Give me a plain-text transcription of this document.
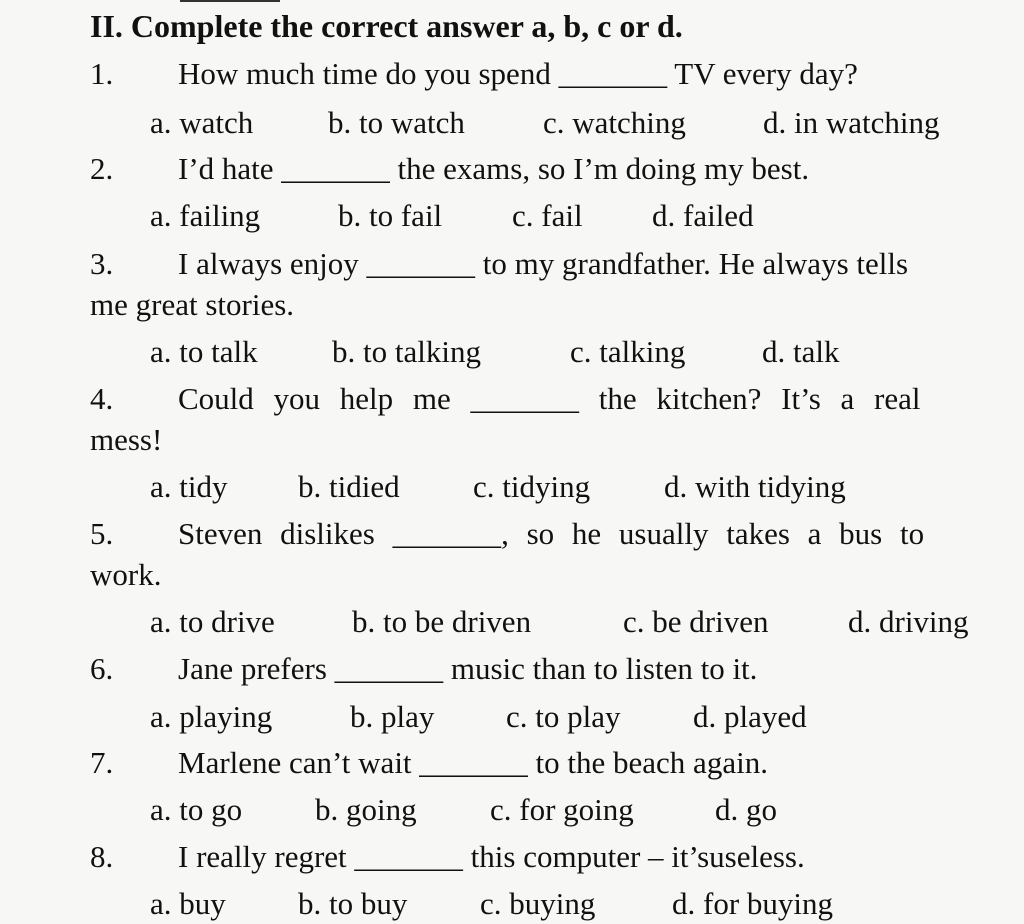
II. Complete the correct answer a, b, c or d.
1. How much time do you spend _______ TV every day?
a. watch b. to watch	c. watching d. in watching
2. I’d hate _______ the exams, so I’m doing my best.
a. failing	b. to fail c. fail d. failed
3. I always enjoy _______ to my grandfather. He always tells
me great stories.
a. to talk b. to talking	c. talking d. talk
4. Could you help me _______ the kitchen? It’s a real
mess!
a. tidy b. tidied c. tidying d. with tidying
5. Steven dislikes _______, so he usually takes a bus to
work.
a. to drive b. to be driven	c. be driven	d. driving
6. Jane prefers _______ music than to listen to it.
a. playing	b. play c. to play d. played
7. Marlene can’t wait _______ to the beach again.
a. to go b. going c. for going	d. go
8. I really regret _______ this computer – it’suseless.
a. buy b. to buy c. buying d. for buying
